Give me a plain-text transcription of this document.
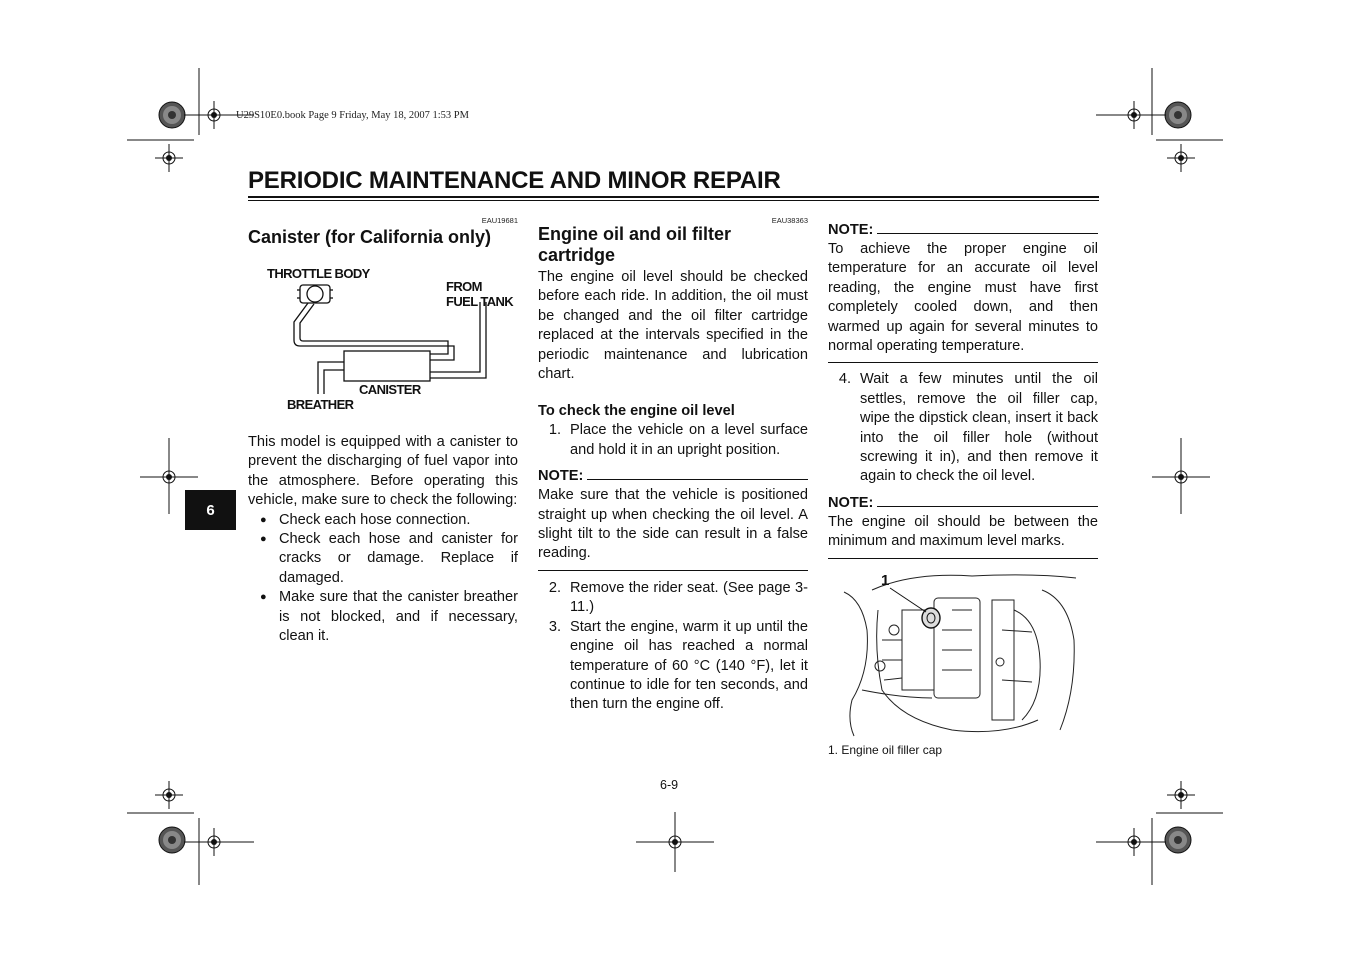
U29S10E0.book Page 9 Friday, May 18, 2007 1:53 PM
PERIODIC MAINTENANCE AND MINOR REPAIR
6
EAU19681
Canister (for California only)
THROTTLE BODY
FROM
FUEL TANK
CANISTER
BREATHER
This model is equipped with a canister to prevent the discharging of fuel vapor into the atmosphere. Before operating this vehicle, make sure to check the following:
● Check each hose connection.
● Check each hose and canister for cracks or damage. Replace if damaged.
● Make sure that the canister breather is not blocked, and if necessary, clean it.
EAU38363
Engine oil and oil filter cartridge
The engine oil level should be checked before each ride. In addition, the oil must be changed and the oil filter cartridge replaced at the intervals specified in the periodic maintenance and lubrication chart.
To check the engine oil level
1. Place the vehicle on a level surface and hold it in an upright position.
NOTE:
Make sure that the vehicle is positioned straight up when checking the oil level. A slight tilt to the side can result in a false reading.
2. Remove the rider seat. (See page 3-11.)
3. Start the engine, warm it up until the engine oil has reached a normal temperature of 60 °C (140 °F), let it continue to idle for ten seconds, and then turn the engine off.
NOTE:
To achieve the proper engine oil temperature for an accurate oil level reading, the engine must have first completely cooled down, and then warmed up again for several minutes to normal operating temperature.
4. Wait a few minutes until the oil settles, remove the oil filler cap, wipe the dipstick clean, insert it back into the oil filler hole (without screwing it in), and then remove it again to check the oil level.
NOTE:
The engine oil should be between the minimum and maximum level marks.
1
1. Engine oil filler cap
6-9
